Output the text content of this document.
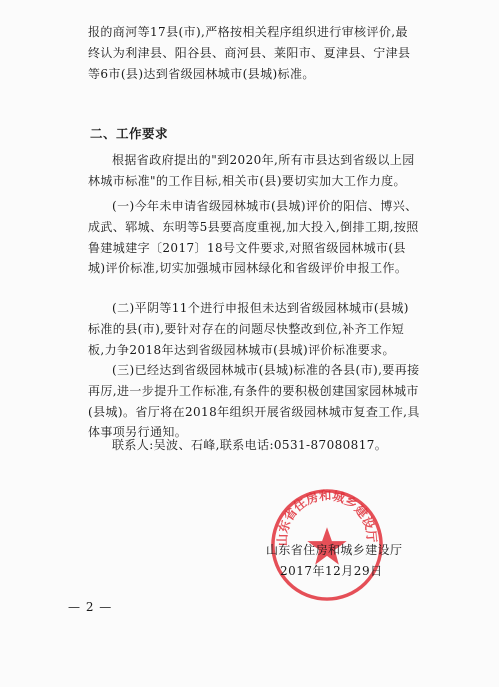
报的商河等17县(市),严格按相关程序组织进行审核评价,最终认为利津县、阳谷县、商河县、莱阳市、夏津县、宁津县等6市(县)达到省级园林城市(县城)标准。
二、工作要求
根据省政府提出的"到2020年,所有市县达到省级以上园林城市标准"的工作目标,相关市(县)要切实加大工作力度。
(一)今年未申请省级园林城市(县城)评价的阳信、博兴、成武、郓城、东明等5县要高度重视,加大投入,倒排工期,按照鲁建城建字〔2017〕18号文件要求,对照省级园林城市(县城)评价标准,切实加强城市园林绿化和省级评价申报工作。
(二)平阴等11个进行申报但未达到省级园林城市(县城)标准的县(市),要针对存在的问题尽快整改到位,补齐工作短板,力争2018年达到省级园林城市(县城)评价标准要求。
(三)已经达到省级园林城市(县城)标准的各县(市),要再接再厉,进一步提升工作标准,有条件的要积极创建国家园林城市(县城)。省厅将在2018年组织开展省级园林城市复查工作,具体事项另行通知。
联系人:吴波、石峰,联系电话:0531-87080817。
山东省住房和城乡建设厅
山东省住房和城乡建设厅
2017年12月29日
— 2 —
